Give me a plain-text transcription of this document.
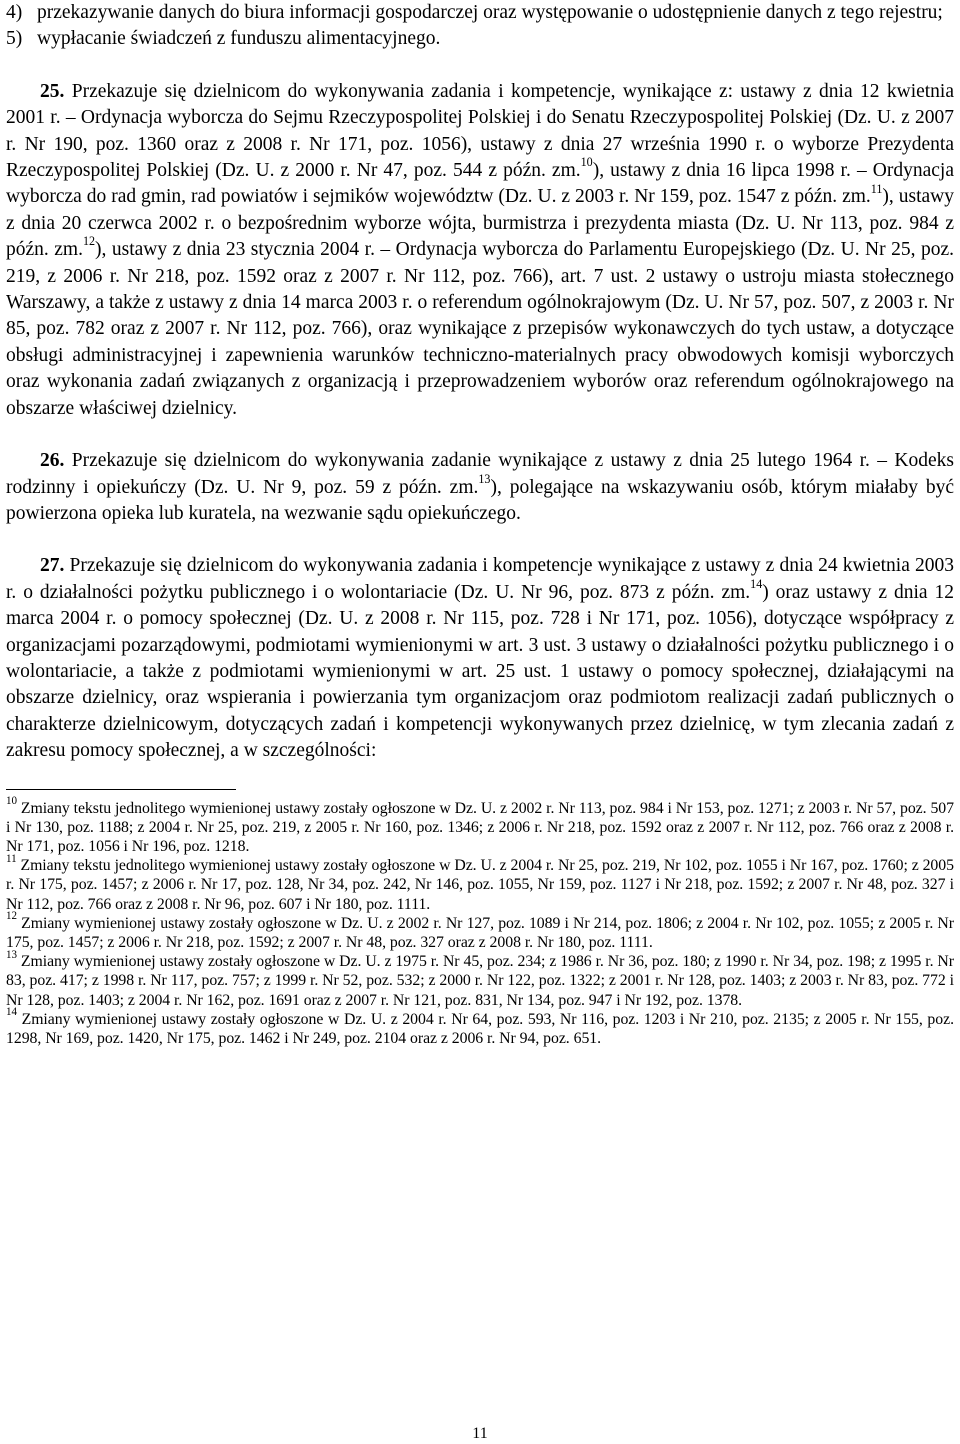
4) przekazywanie danych do biura informacji gospodarczej oraz występowanie o udostępnienie danych z tego rejestru;

5) wypłacanie świadczeń z funduszu alimentacyjnego.

25. Przekazuje się dzielnicom do wykonywania zadania i kompetencje, wynikające z: ustawy z dnia 12 kwietnia 2001 r. – Ordynacja wyborcza do Sejmu Rzeczypospolitej Polskiej i do Senatu Rzeczypospolitej Polskiej (Dz. U. z 2007 r. Nr 190, poz. 1360 oraz z 2008 r. Nr 171, poz. 1056), ustawy z dnia 27 września 1990 r. o wyborze Prezydenta Rzeczypospolitej Polskiej (Dz. U. z 2000 r. Nr 47, poz. 544 z późn. zm.$^{10}$), ustawy z dnia 16 lipca 1998 r. – Ordynacja wyborcza do rad gmin, rad powiatów i sejmików województw (Dz. U. z 2003 r. Nr 159, poz. 1547 z późn. zm.$^{11}$), ustawy z dnia 20 czerwca 2002 r. o bezpośrednim wyborze wójta, burmistrza i prezydenta miasta (Dz. U. Nr 113, poz. 984 z późn. zm.$^{12}$), ustawy z dnia 23 stycznia 2004 r. – Ordynacja wyborcza do Parlamentu Europejskiego (Dz. U. Nr 25, poz. 219, z 2006 r. Nr 218, poz. 1592 oraz z 2007 r. Nr 112, poz. 766), art. 7 ust. 2 ustawy o ustroju miasta stołecznego Warszawy, a także z ustawy z dnia 14 marca 2003 r. o referendum ogólnokrajowym (Dz. U. Nr 57, poz. 507, z 2003 r. Nr 85, poz. 782 oraz z 2007 r. Nr 112, poz. 766), oraz wynikające z przepisów wykonawczych do tych ustaw, a dotyczące obsługi administracyjnej i zapewnienia warunków techniczno-materialnych pracy obwodowych komisji wyborczych oraz wykonania zadań związanych z organizacją i przeprowadzeniem wyborów oraz referendum ogólnokrajowego na obszarze właściwej dzielnicy.

26. Przekazuje się dzielnicom do wykonywania zadanie wynikające z ustawy z dnia 25 lutego 1964 r. – Kodeks rodzinny i opiekuńczy (Dz. U. Nr 9, poz. 59 z późn. zm.$^{13}$), polegające na wskazywaniu osób, którym miałaby być powierzona opieka lub kuratela, na wezwanie sądu opiekuńczego.

27. Przekazuje się dzielnicom do wykonywania zadania i kompetencje wynikające z ustawy z dnia 24 kwietnia 2003 r. o działalności pożytku publicznego i o wolontariacie (Dz. U. Nr 96, poz. 873 z późn. zm.$^{14}$) oraz ustawy z dnia 12 marca 2004 r. o pomocy społecznej (Dz. U. z 2008 r. Nr 115, poz. 728 i Nr 171, poz. 1056), dotyczące współpracy z organizacjami pozarządowymi, podmiotami wymienionymi w art. 3 ust. 3 ustawy o działalności pożytku publicznego i o wolontariacie, a także z podmiotami wymienionymi w art. 25 ust. 1 ustawy o pomocy społecznej, działającymi na obszarze dzielnicy, oraz wspierania i powierzania tym organizacjom oraz podmiotom realizacji zadań publicznych o charakterze dzielnicowym, dotyczących zadań i kompetencji wykonywanych przez dzielnicę, w tym zlecania zadań z zakresu pomocy społecznej, a w szczególności:

$^{10}$ Zmiany tekstu jednolitego wymienionej ustawy zostały ogłoszone w Dz. U. z 2002 r. Nr 113, poz. 984 i Nr 153, poz. 1271; z 2003 r. Nr 57, poz. 507 i Nr 130, poz. 1188; z 2004 r. Nr 25, poz. 219, z 2005 r. Nr 160, poz. 1346; z 2006 r. Nr 218, poz. 1592 oraz z 2007 r. Nr 112, poz. 766 oraz z 2008 r. Nr 171, poz. 1056 i Nr 196, poz. 1218.

$^{11}$ Zmiany tekstu jednolitego wymienionej ustawy zostały ogłoszone w Dz. U. z 2004 r. Nr 25, poz. 219, Nr 102, poz. 1055 i Nr 167, poz. 1760; z 2005 r. Nr 175, poz. 1457; z 2006 r. Nr 17, poz. 128, Nr 34, poz. 242, Nr 146, poz. 1055, Nr 159, poz. 1127 i Nr 218, poz. 1592; z 2007 r. Nr 48, poz. 327 i Nr 112, poz. 766 oraz z 2008 r. Nr 96, poz. 607 i Nr 180, poz. 1111.

$^{12}$ Zmiany wymienionej ustawy zostały ogłoszone w Dz. U. z 2002 r. Nr 127, poz. 1089 i Nr 214, poz. 1806; z 2004 r. Nr 102, poz. 1055; z 2005 r. Nr 175, poz. 1457; z 2006 r. Nr 218, poz. 1592; z 2007 r. Nr 48, poz. 327 oraz z 2008 r. Nr 180, poz. 1111.

$^{13}$ Zmiany wymienionej ustawy zostały ogłoszone w Dz. U. z 1975 r. Nr 45, poz. 234; z 1986 r. Nr 36, poz. 180; z 1990 r. Nr 34, poz. 198; z 1995 r. Nr 83, poz. 417; z 1998 r. Nr 117, poz. 757; z 1999 r. Nr 52, poz. 532; z 2000 r. Nr 122, poz. 1322; z 2001 r. Nr 128, poz. 1403; z 2003 r. Nr 83, poz. 772 i Nr 128, poz. 1403; z 2004 r. Nr 162, poz. 1691 oraz z 2007 r. Nr 121, poz. 831, Nr 134, poz. 947 i Nr 192, poz. 1378.

$^{14}$ Zmiany wymienionej ustawy zostały ogłoszone w Dz. U. z 2004 r. Nr 64, poz. 593, Nr 116, poz. 1203 i Nr 210, poz. 2135; z 2005 r. Nr 155, poz. 1298, Nr 169, poz. 1420, Nr 175, poz. 1462 i Nr 249, poz. 2104 oraz z 2006 r. Nr 94, poz. 651.

11
